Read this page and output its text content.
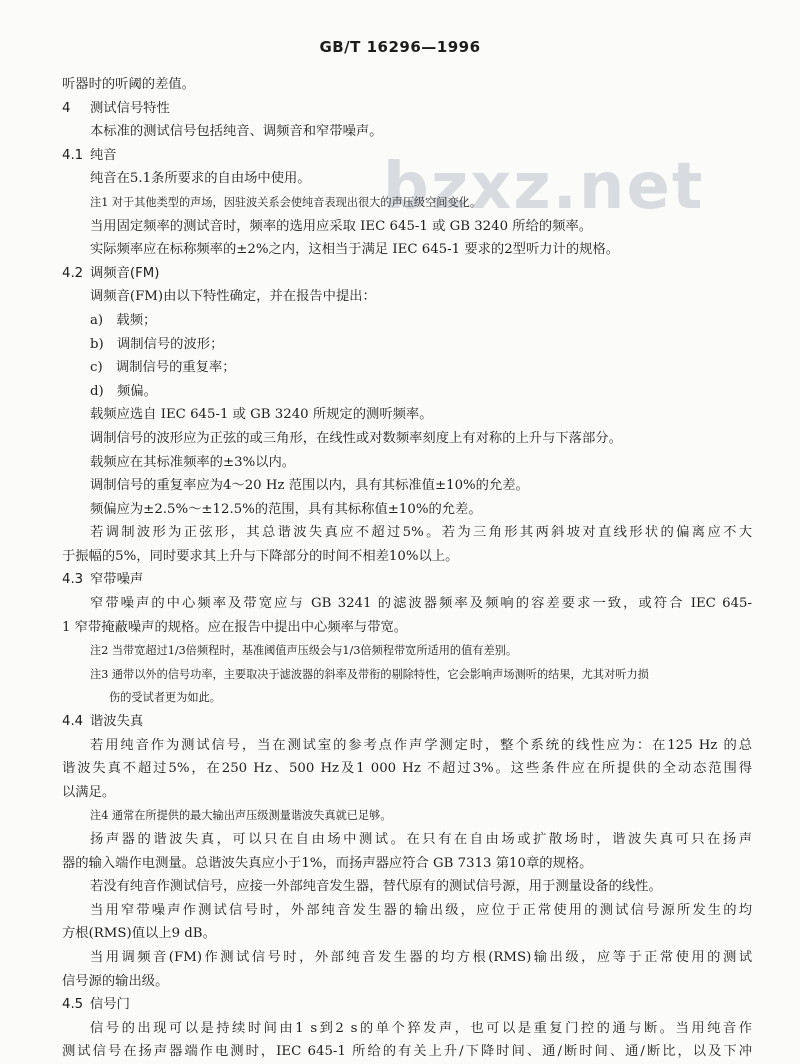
GB/T 16296—1996
bzxz.net
听器时的听阈的差值。
4 测试信号特性
本标准的测试信号包括纯音、调频音和窄带噪声。
4.1 纯音
纯音在5.1条所要求的自由场中使用。
注1 对于其他类型的声场，因驻波关系会使纯音表现出很大的声压级空间变化。
当用固定频率的测试音时，频率的选用应采取 IEC 645-1 或 GB 3240 所给的频率。
实际频率应在标称频率的±2%之内，这相当于满足 IEC 645-1 要求的2型听力计的规格。
4.2 调频音(FM)
调频音(FM)由以下特性确定，并在报告中提出：
a)　载频；
b)　调制信号的波形；
c)　调制信号的重复率；
d)　频偏。
载频应选自 IEC 645-1 或 GB 3240 所规定的测听频率。
调制信号的波形应为正弦的或三角形，在线性或对数频率刻度上有对称的上升与下落部分。
载频应在其标准频率的±3%以内。
调制信号的重复率应为4～20 Hz 范围以内，具有其标准值±10%的允差。
频偏应为±2.5%～±12.5%的范围，具有其标称值±10%的允差。
若调制波形为正弦形，其总谐波失真应不超过5%。若为三角形其两斜坡对直线形状的偏离应不大
于振幅的5%，同时要求其上升与下降部分的时间不相差10%以上。
4.3 窄带噪声
窄带噪声的中心频率及带宽应与 GB 3241 的滤波器频率及频响的容差要求一致，或符合 IEC 645-
1 窄带掩蔽噪声的规格。应在报告中提出中心频率与带宽。
注2 当带宽超过1/3倍频程时，基准阈值声压级会与1/3倍频程带宽所适用的值有差别。
注3 通带以外的信号功率，主要取决于滤波器的斜率及带衔的剔除特性，它会影响声场测听的结果，尤其对听力损
伤的受试者更为如此。
4.4 谐波失真
若用纯音作为测试信号，当在测试室的参考点作声学测定时，整个系统的线性应为：在125 Hz 的总
谐波失真不超过5%，在250 Hz、500 Hz及1 000 Hz 不超过3%。这些条件应在所提供的全动态范围得
以满足。
注4 通常在所提供的最大输出声压级测量谐波失真就已足够。
扬声器的谐波失真，可以只在自由场中测试。在只有在自由场或扩散场时，谐波失真可只在扬声
器的输入端作电测量。总谐波失真应小于1%，而扬声器应符合 GB 7313 第10章的规格。
若没有纯音作测试信号，应接一外部纯音发生器，替代原有的测试信号源，用于测量设备的线性。
当用窄带噪声作测试信号时，外部纯音发生器的输出级，应位于正常使用的测试信号源所发生的均
方根(RMS)值以上9 dB。
当用调频音(FM)作测试信号时，外部纯音发生器的均方根(RMS)输出级，应等于正常使用的测试
信号源的输出级。
4.5 信号门
信号的出现可以是持续时间由1 s到2 s的单个猝发声，也可以是重复门控的通与断。当用纯音作
测试信号在扬声器端作电测时，IEC 645-1 所给的有关上升/下降时间、通/断时间、通/断比，以及下冲
